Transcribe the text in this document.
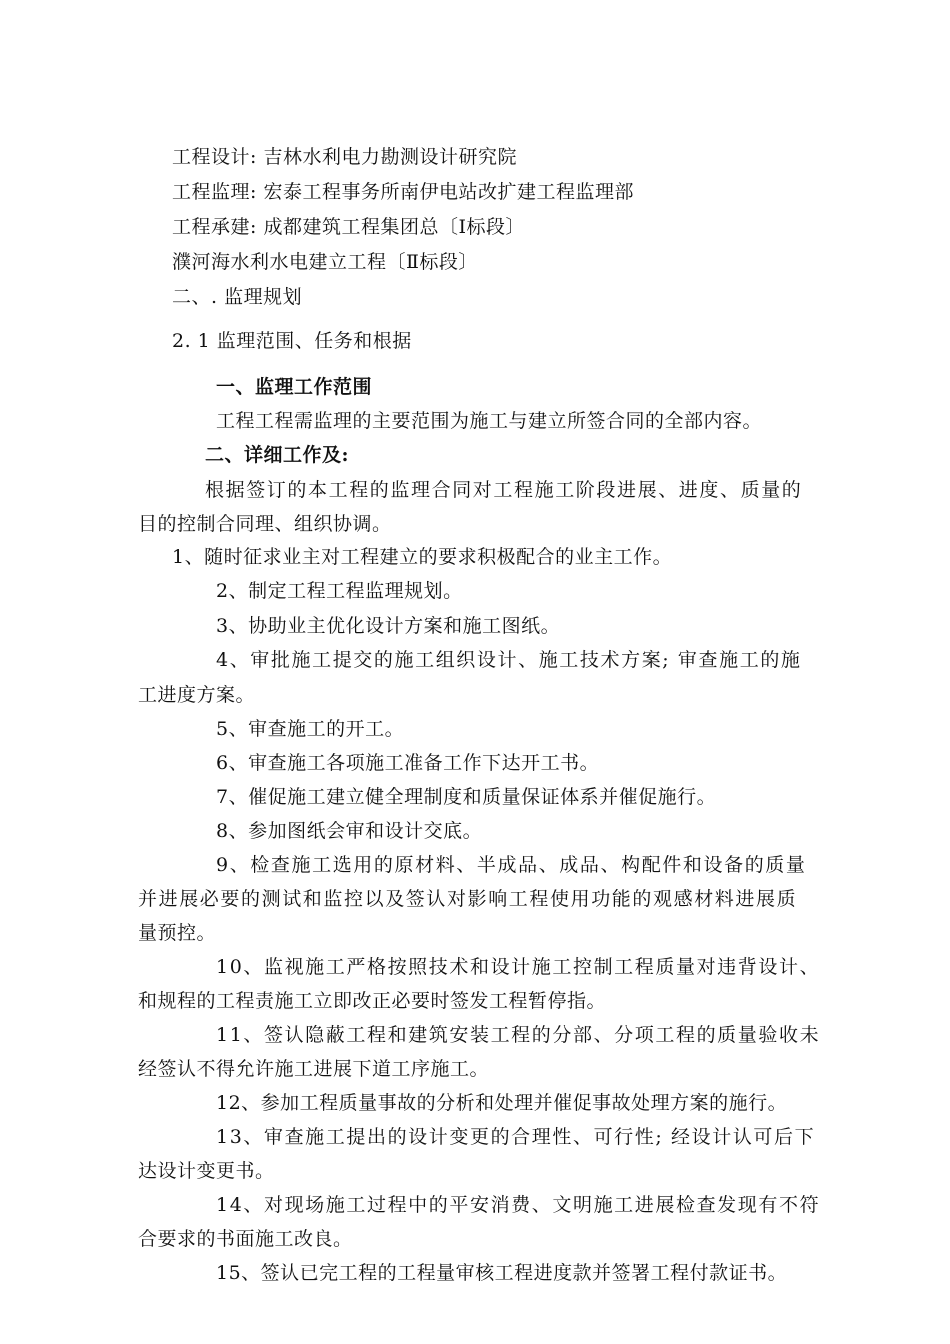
工程设计: 吉林水利电力勘测设计研究院
工程监理: 宏泰工程事务所南伊电站改扩建工程监理部
工程承建: 成都建筑工程集团总〔Ⅰ标段〕
濮河海水利水电建立工程〔Ⅱ标段〕
二、. 监理规划
2. 1 监理范围、任务和根据
一、监理工作范围
工程工程需监理的主要范围为施工与建立所签合同的全部内容。
二、详细工作及:
根据签订的本工程的监理合同对工程施工阶段进展、进度、质量的
目的控制合同理、组织协调。
1、随时征求业主对工程建立的要求积极配合的业主工作。
2、制定工程工程监理规划。
3、协助业主优化设计方案和施工图纸。
4、审批施工提交的施工组织设计、施工技术方案; 审查施工的施
工进度方案。
5、审查施工的开工。
6、审查施工各项施工准备工作下达开工书。
7、催促施工建立健全理制度和质量保证体系并催促施行。
8、参加图纸会审和设计交底。
9、检查施工选用的原材料、半成品、成品、构配件和设备的质量
并进展必要的测试和监控以及签认对影响工程使用功能的观感材料进展质
量预控。
10、监视施工严格按照技术和设计施工控制工程质量对违背设计、
和规程的工程责施工立即改正必要时签发工程暂停指。
11、签认隐蔽工程和建筑安装工程的分部、分项工程的质量验收未
经签认不得允许施工进展下道工序施工。
12、参加工程质量事故的分析和处理并催促事故处理方案的施行。
13、审查施工提出的设计变更的合理性、可行性; 经设计认可后下
达设计变更书。
14、对现场施工过程中的平安消费、文明施工进展检查发现有不符
合要求的书面施工改良。
15、签认已完工程的工程量审核工程进度款并签署工程付款证书。
